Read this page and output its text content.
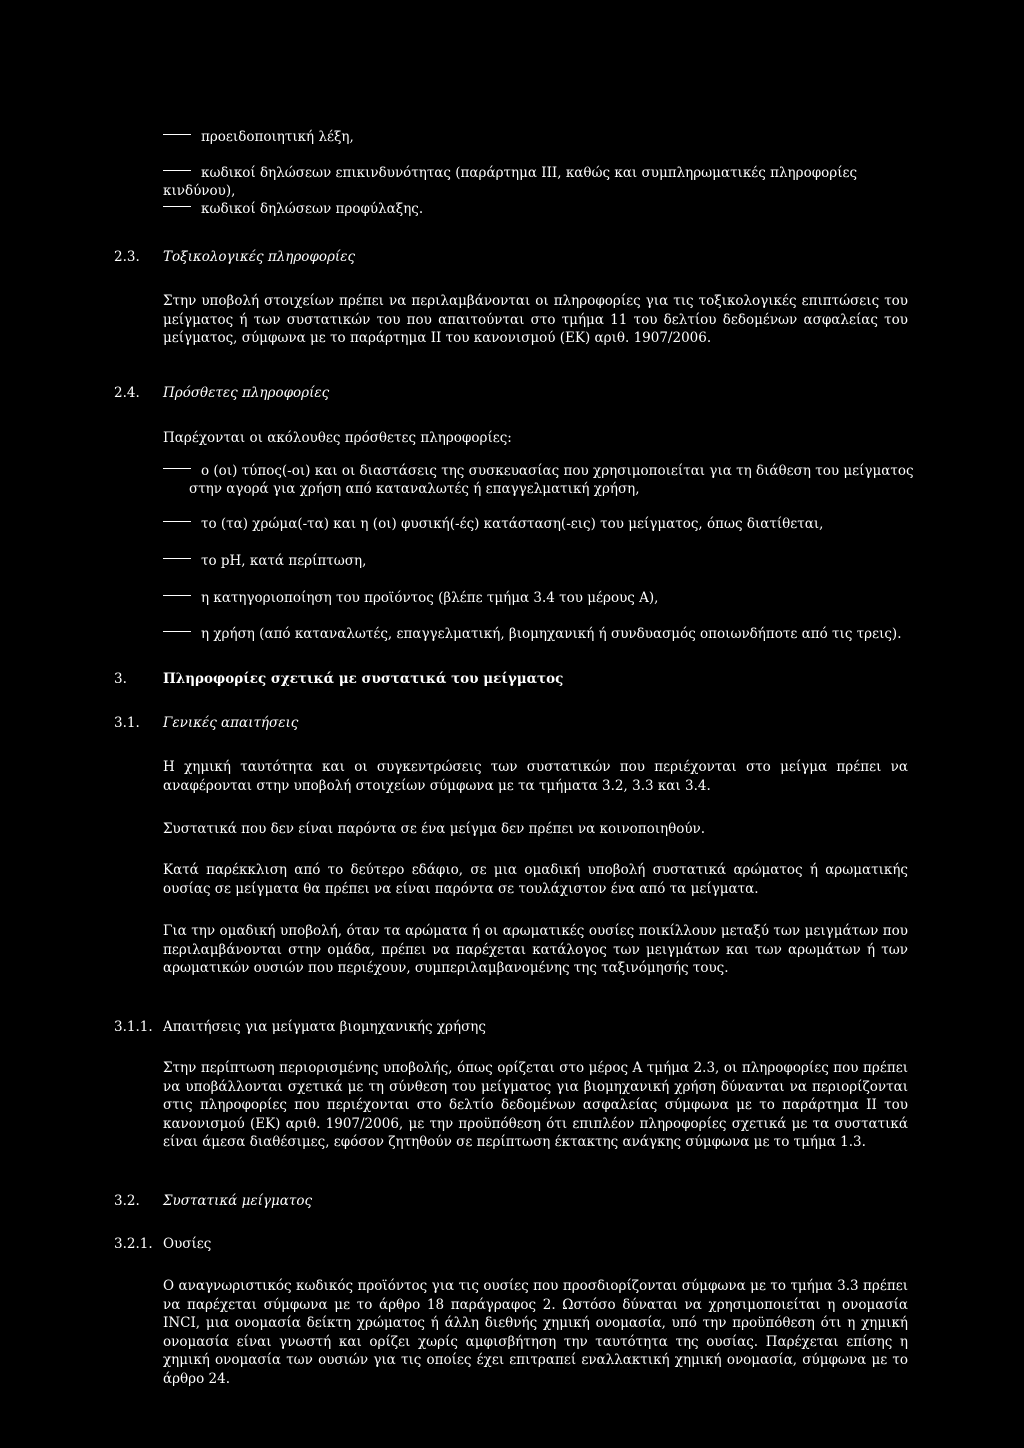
προειδοποιητική λέξη,
κωδικοί δηλώσεων επικινδυνότητας (παράρτημα III, καθώς και συμπληρωματικές πληροφορίες κινδύνου),
κωδικοί δηλώσεων προφύλαξης.
2.3. Τοξικολογικές πληροφορίες
Στην υποβολή στοιχείων πρέπει να περιλαμβάνονται οι πληροφορίες για τις τοξικολογικές επιπτώσεις του μείγματος ή των συστατικών του που απαιτούνται στο τμήμα 11 του δελτίου δεδομένων ασφαλείας του μείγματος, σύμφωνα με το παράρτημα II του κανονισμού (ΕΚ) αριθ. 1907/2006.
2.4. Πρόσθετες πληροφορίες
Παρέχονται οι ακόλουθες πρόσθετες πληροφορίες:
ο (οι) τύπος(-οι) και οι διαστάσεις της συσκευασίας που χρησιμοποιείται για τη διάθεση του μείγματος στην αγορά για χρήση από καταναλωτές ή επαγγελματική χρήση,
το (τα) χρώμα(-τα) και η (οι) φυσική(-ές) κατάσταση(-εις) του μείγματος, όπως διατίθεται,
το pH, κατά περίπτωση,
η κατηγοριοποίηση του προϊόντος (βλέπε τμήμα 3.4 του μέρους Α),
η χρήση (από καταναλωτές, επαγγελματική, βιομηχανική ή συνδυασμός οποιωνδήποτε από τις τρεις).
3.	Πληροφορίες σχετικά με συστατικά του μείγματος
3.1. Γενικές απαιτήσεις
Η χημική ταυτότητα και οι συγκεντρώσεις των συστατικών που περιέχονται στο μείγμα πρέπει να αναφέρονται στην υποβολή στοιχείων σύμφωνα με τα τμήματα 3.2, 3.3 και 3.4.
Συστατικά που δεν είναι παρόντα σε ένα μείγμα δεν πρέπει να κοινοποιηθούν.
Κατά παρέκκλιση από το δεύτερο εδάφιο, σε μια ομαδική υποβολή συστατικά αρώματος ή αρωματικής ουσίας σε μείγματα θα πρέπει να είναι παρόντα σε τουλάχιστον ένα από τα μείγματα.
Για την ομαδική υποβολή, όταν τα αρώματα ή οι αρωματικές ουσίες ποικίλλουν μεταξύ των μειγμάτων που περιλαμβάνονται στην ομάδα, πρέπει να παρέχεται κατάλογος των μειγμάτων και των αρωμάτων ή των αρωματικών ουσιών που περιέχουν, συμπεριλαμβανομένης της ταξινόμησής τους.
3.1.1. Απαιτήσεις για μείγματα βιομηχανικής χρήσης
Στην περίπτωση περιορισμένης υποβολής, όπως ορίζεται στο μέρος Α τμήμα 2.3, οι πληροφορίες που πρέπει να υποβάλλονται σχετικά με τη σύνθεση του μείγματος για βιομηχανική χρήση δύνανται να περιορίζονται στις πληροφορίες που περιέχονται στο δελτίο δεδομένων ασφαλείας σύμφωνα με το παράρτημα II του κανονισμού (ΕΚ) αριθ. 1907/2006, με την προϋπόθεση ότι επιπλέον πληροφορίες σχετικά με τα συστατικά είναι άμεσα διαθέσιμες, εφόσον ζητηθούν σε περίπτωση έκτακτης ανάγκης σύμφωνα με το τμήμα 1.3.
3.2. Συστατικά μείγματος
3.2.1. Ουσίες
Ο αναγνωριστικός κωδικός προϊόντος για τις ουσίες που προσδιορίζονται σύμφωνα με το τμήμα 3.3 πρέπει να παρέχεται σύμφωνα με το άρθρο 18 παράγραφος 2. Ωστόσο δύναται να χρησιμοποιείται η ονομασία INCI, μια ονομασία δείκτη χρώματος ή άλλη διεθνής χημική ονομασία, υπό την προϋπόθεση ότι η χημική ονομασία είναι γνωστή και ορίζει χωρίς αμφισβήτηση την ταυτότητα της ουσίας. Παρέχεται επίσης η χημική ονομασία των ουσιών για τις οποίες έχει επιτραπεί εναλλακτική χημική ονομασία, σύμφωνα με το άρθρο 24.
